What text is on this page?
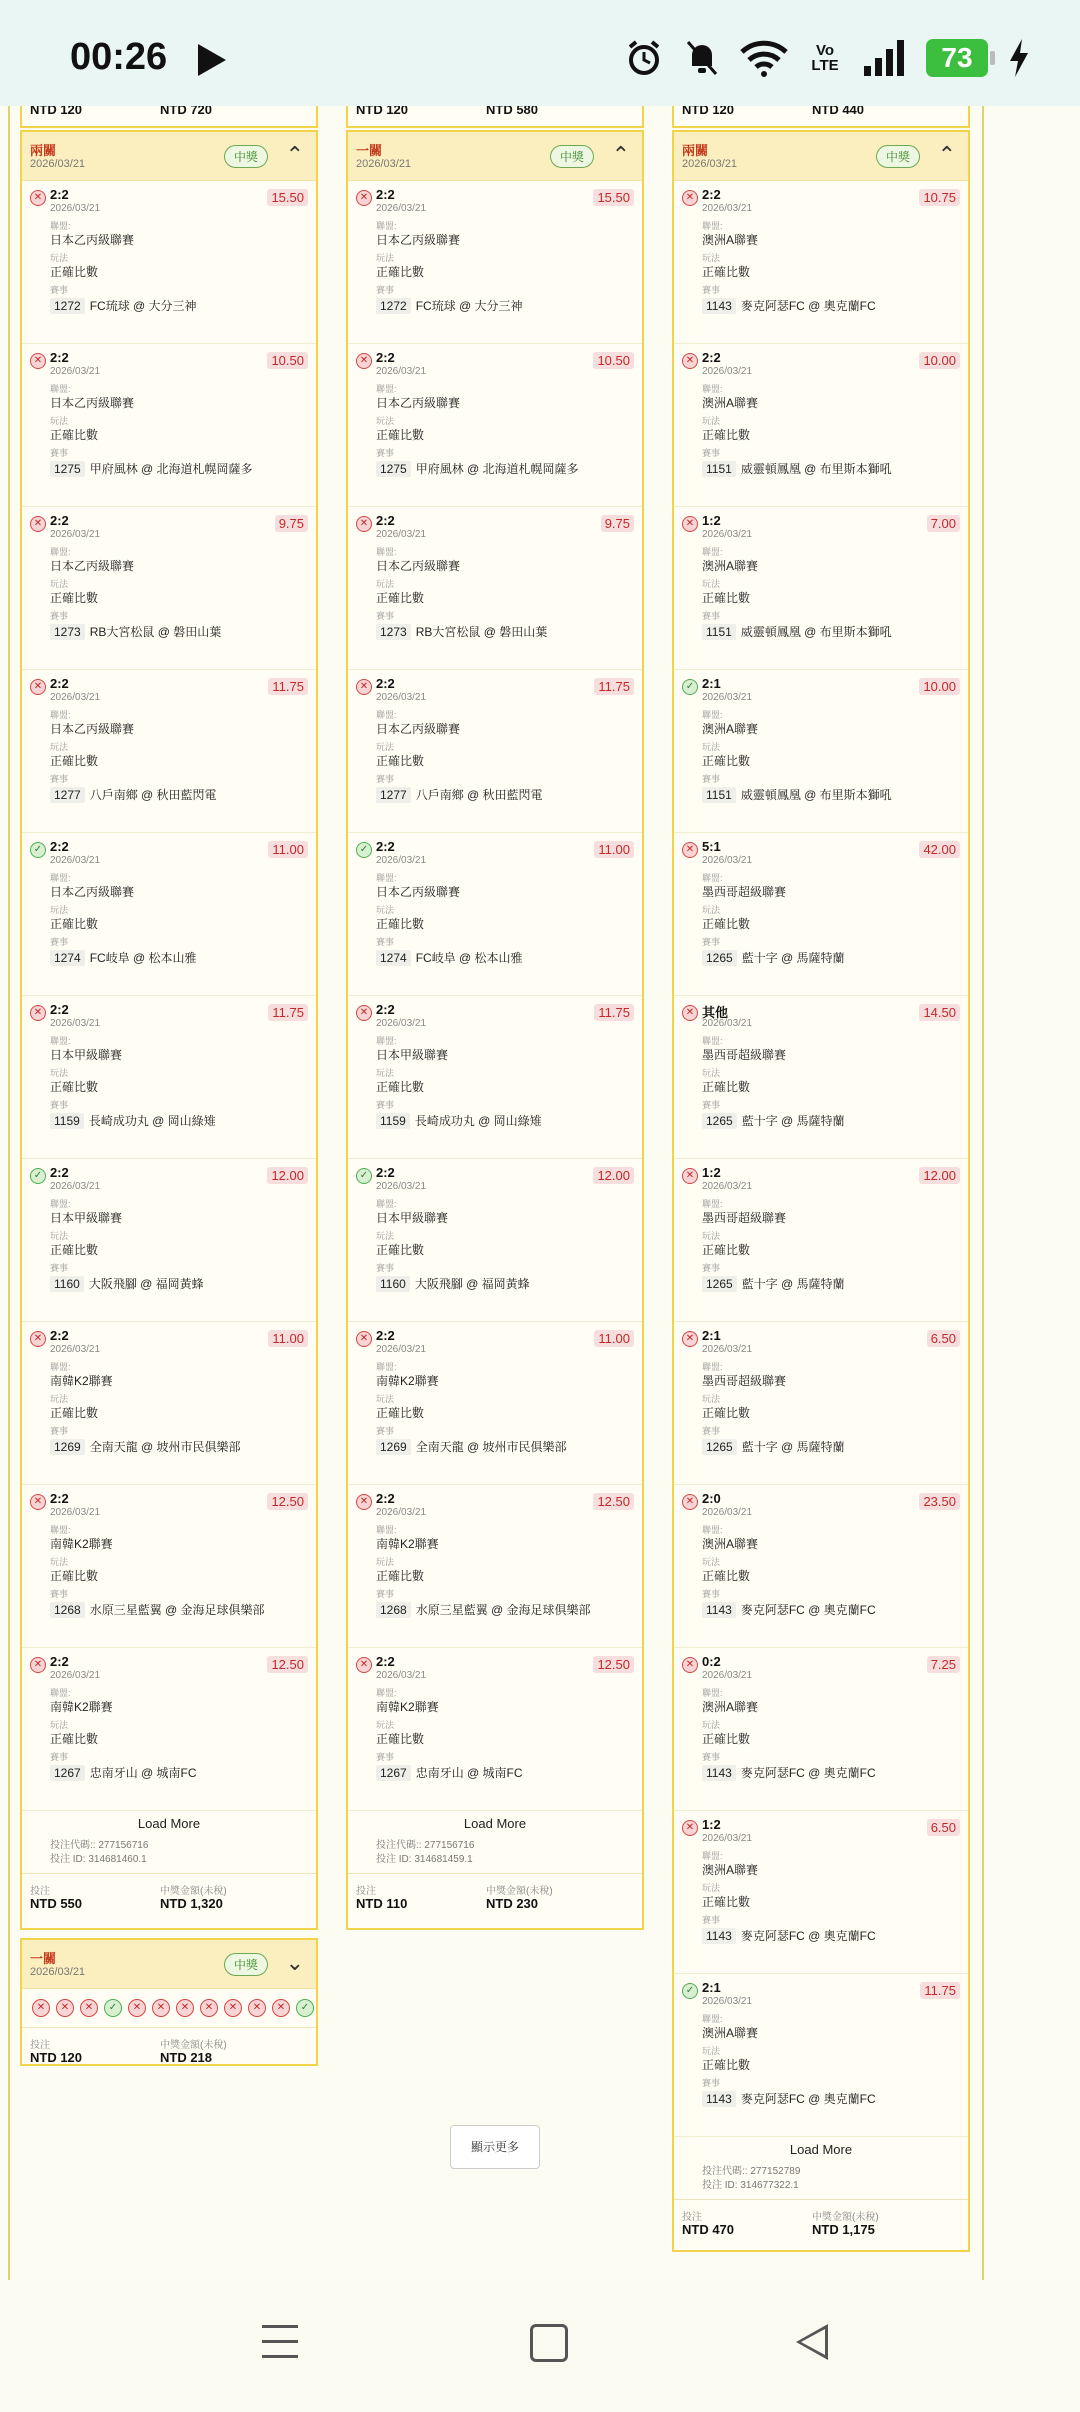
00:26	Vo LTE	73
NTD 120	NTD 720	NTD 120	NTD 580	NTD 120	NTD 440
兩關
2026/03/21	中獎	⌃
✕ 2:2
2026/03/21
15.50
聯盟:
日本乙丙級聯賽
玩法
正確比數
賽事
1272 FC琉球 @ 大分三神
✕ 2:2
2026/03/21
10.50
聯盟:
日本乙丙級聯賽
玩法
正確比數
賽事
1275 甲府風林 @ 北海道札幌岡薩多
✕ 2:2
2026/03/21
9.75
聯盟:
日本乙丙級聯賽
玩法
正確比數
賽事
1273 RB大宮松鼠 @ 磐田山葉
✕ 2:2
2026/03/21
11.75
聯盟:
日本乙丙級聯賽
玩法
正確比數
賽事
1277 八戶南鄉 @ 秋田藍閃電
✓ 2:2
2026/03/21
11.00
聯盟:
日本乙丙級聯賽
玩法
正確比數
賽事
1274 FC岐阜 @ 松本山雅
✕ 2:2
2026/03/21
11.75
聯盟:
日本甲級聯賽
玩法
正確比數
賽事
1159 長崎成功丸 @ 岡山綠雉
✓ 2:2
2026/03/21
12.00
聯盟:
日本甲級聯賽
玩法
正確比數
賽事
1160 大阪飛腳 @ 福岡黃蜂
✕ 2:2
2026/03/21
11.00
聯盟:
南韓K2聯賽
玩法
正確比數
賽事
1269 全南天龍 @ 坡州市民俱樂部
✕ 2:2
2026/03/21
12.50
聯盟:
南韓K2聯賽
玩法
正確比數
賽事
1268 水原三星藍翼 @ 金海足球俱樂部
✕ 2:2
2026/03/21
12.50
聯盟:
南韓K2聯賽
玩法
正確比數
賽事
1267 忠南牙山 @ 城南FC
Load More
投注代碼:: 277156716
投注 ID: 314681460.1
投注
NTD 550
中獎金額(未稅)
NTD 1,320
一關
2026/03/21	中獎	⌃
✕ 2:2
2026/03/21
15.50
聯盟:
日本乙丙級聯賽
玩法
正確比數
賽事
1272 FC琉球 @ 大分三神
✕ 2:2
2026/03/21
10.50
聯盟:
日本乙丙級聯賽
玩法
正確比數
賽事
1275 甲府風林 @ 北海道札幌岡薩多
✕ 2:2
2026/03/21
9.75
聯盟:
日本乙丙級聯賽
玩法
正確比數
賽事
1273 RB大宮松鼠 @ 磐田山葉
✕ 2:2
2026/03/21
11.75
聯盟:
日本乙丙級聯賽
玩法
正確比數
賽事
1277 八戶南鄉 @ 秋田藍閃電
✓ 2:2
2026/03/21
11.00
聯盟:
日本乙丙級聯賽
玩法
正確比數
賽事
1274 FC岐阜 @ 松本山雅
✕ 2:2
2026/03/21
11.75
聯盟:
日本甲級聯賽
玩法
正確比數
賽事
1159 長崎成功丸 @ 岡山綠雉
✓ 2:2
2026/03/21
12.00
聯盟:
日本甲級聯賽
玩法
正確比數
賽事
1160 大阪飛腳 @ 福岡黃蜂
✕ 2:2
2026/03/21
11.00
聯盟:
南韓K2聯賽
玩法
正確比數
賽事
1269 全南天龍 @ 坡州市民俱樂部
✕ 2:2
2026/03/21
12.50
聯盟:
南韓K2聯賽
玩法
正確比數
賽事
1268 水原三星藍翼 @ 金海足球俱樂部
✕ 2:2
2026/03/21
12.50
聯盟:
南韓K2聯賽
玩法
正確比數
賽事
1267 忠南牙山 @ 城南FC
Load More
投注代碼:: 277156716
投注 ID: 314681459.1
投注
NTD 110
中獎金額(未稅)
NTD 230
兩關
2026/03/21	中獎	⌃
✕ 2:2
2026/03/21
10.75
聯盟:
澳洲A聯賽
玩法
正確比數
賽事
1143 麥克阿瑟FC @ 奧克蘭FC
✕ 2:2
2026/03/21
10.00
聯盟:
澳洲A聯賽
玩法
正確比數
賽事
1151 威靈頓鳳凰 @ 布里斯本獅吼
✕ 1:2
2026/03/21
7.00
聯盟:
澳洲A聯賽
玩法
正確比數
賽事
1151 威靈頓鳳凰 @ 布里斯本獅吼
✓ 2:1
2026/03/21
10.00
聯盟:
澳洲A聯賽
玩法
正確比數
賽事
1151 威靈頓鳳凰 @ 布里斯本獅吼
✕ 5:1
2026/03/21
42.00
聯盟:
墨西哥超級聯賽
玩法
正確比數
賽事
1265 藍十字 @ 馬薩特蘭
✕ 其他
2026/03/21
14.50
聯盟:
墨西哥超級聯賽
玩法
正確比數
賽事
1265 藍十字 @ 馬薩特蘭
✕ 1:2
2026/03/21
12.00
聯盟:
墨西哥超級聯賽
玩法
正確比數
賽事
1265 藍十字 @ 馬薩特蘭
✕ 2:1
2026/03/21
6.50
聯盟:
墨西哥超級聯賽
玩法
正確比數
賽事
1265 藍十字 @ 馬薩特蘭
✕ 2:0
2026/03/21
23.50
聯盟:
澳洲A聯賽
玩法
正確比數
賽事
1143 麥克阿瑟FC @ 奧克蘭FC
✕ 0:2
2026/03/21
7.25
聯盟:
澳洲A聯賽
玩法
正確比數
賽事
1143 麥克阿瑟FC @ 奧克蘭FC
✕ 1:2
2026/03/21
6.50
聯盟:
澳洲A聯賽
玩法
正確比數
賽事
1143 麥克阿瑟FC @ 奧克蘭FC
✓ 2:1
2026/03/21
11.75
聯盟:
澳洲A聯賽
玩法
正確比數
賽事
1143 麥克阿瑟FC @ 奧克蘭FC
Load More
投注代碼:: 277152789
投注 ID: 314677322.1
投注
NTD 470
中獎金額(未稅)
NTD 1,175
一關
2026/03/21	中獎	⌄
✕	✕	✕	✓	✕	✕	✕	✕	✕	✕	✕	✓
投注
NTD 120
中獎金額(未稅)
NTD 218
顯示更多
